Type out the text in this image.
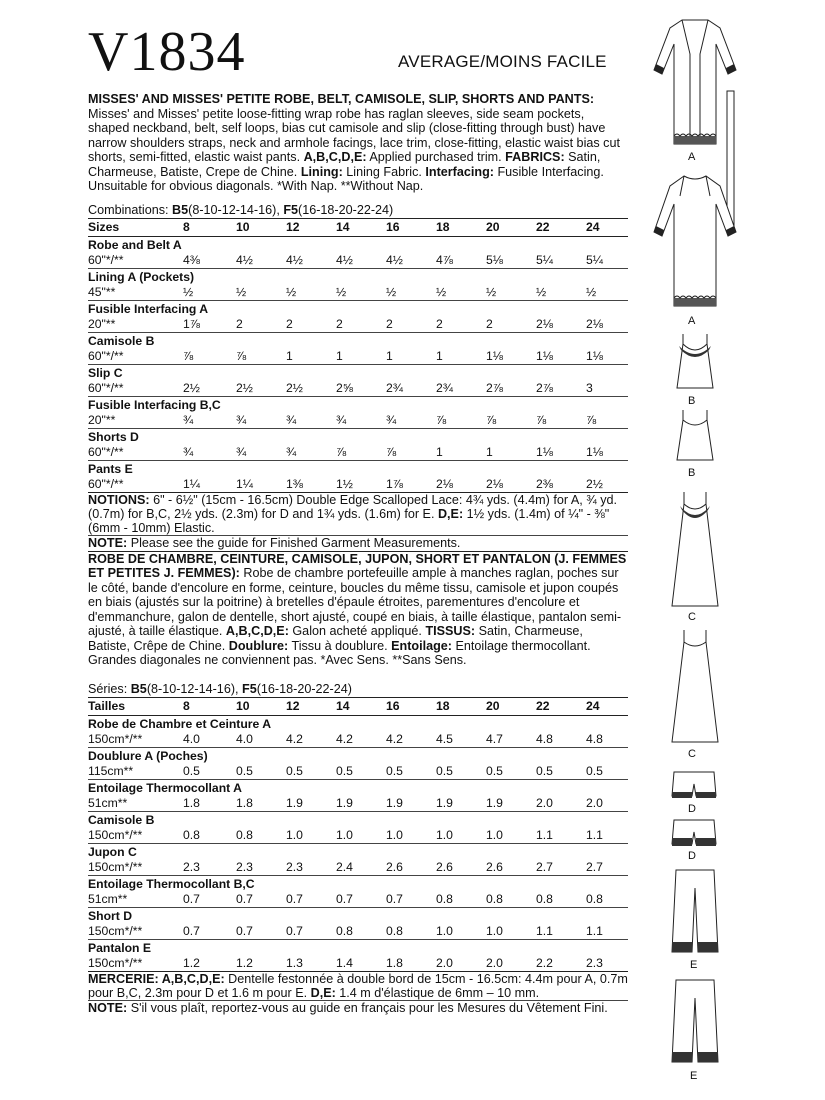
V1834	AVERAGE/MOINS FACILE

MISSES' AND MISSES' PETITE ROBE, BELT, CAMISOLE, SLIP, SHORTS AND PANTS: Misses' and Misses' petite loose-fitting wrap robe has raglan sleeves, side seam pockets, shaped neckband, belt, self loops, bias cut camisole and slip (close-fitting through bust) have narrow shoulders straps, neck and armhole facings, lace trim, close-fitting, elastic waist bias cut shorts, semi-fitted, elastic waist pants. A,B,C,D,E: Applied purchased trim. FABRICS: Satin, Charmeuse, Batiste, Crepe de Chine. Lining: Lining Fabric. Interfacing: Fusible Interfacing. Unsuitable for obvious diagonals. *With Nap. **Without Nap.

Combinations: B5(8-10-12-14-16), F5(16-18-20-22-24)
Sizes	8	10	12	14	16	18	20	22	24
Robe and Belt A									
60"*/**	4⅜	4½	4½	4½	4½	4⅞	5⅛	5¼	5¼
Lining A (Pockets)									
45"**	½	½	½	½	½	½	½	½	½
Fusible Interfacing A									
20"**	1⅞	2	2	2	2	2	2	2⅛	2⅛
Camisole B									
60"*/**	⅞	⅞	1	1	1	1	1⅛	1⅛	1⅛
Slip C									
60"*/**	2½	2½	2½	2⅝	2¾	2¾	2⅞	2⅞	3
Fusible Interfacing B,C									
20"**	¾	¾	¾	¾	¾	⅞	⅞	⅞	⅞
Shorts D									
60"*/**	¾	¾	¾	⅞	⅞	1	1	1⅛	1⅛
Pants E									
60"*/**	1¼	1¼	1⅜	1½	1⅞	2⅛	2⅛	2⅜	2½
NOTIONS: 6" - 6½" (15cm - 16.5cm) Double Edge Scalloped Lace: 4¾ yds. (4.4m) for A, ¾ yd. (0.7m) for B,C, 2½ yds. (2.3m) for D and 1¾ yds. (1.6m) for E. D,E: 1½ yds. (1.4m) of ¼" - ⅜" (6mm - 10mm) Elastic.
NOTE: Please see the guide for Finished Garment Measurements.

ROBE DE CHAMBRE, CEINTURE, CAMISOLE, JUPON, SHORT ET PANTALON (J. FEMMES ET PETITES J. FEMMES): Robe de chambre portefeuille ample à manches raglan, poches sur le côté, bande d'encolure en forme, ceinture, boucles du même tissu, camisole et jupon coupés en biais (ajustés sur la poitrine) à bretelles d'épaule étroites, parementures d'encolure et d'emmanchure, galon de dentelle, short ajusté, coupé en biais, à taille élastique, pantalon semi-ajusté, à taille élastique. A,B,C,D,E: Galon acheté appliqué. TISSUS: Satin, Charmeuse, Batiste, Crêpe de Chine. Doublure: Tissu à doublure. Entoilage: Entoilage thermocollant. Grandes diagonales ne conviennent pas. *Avec Sens. **Sans Sens.

Séries: B5(8-10-12-14-16), F5(16-18-20-22-24)
Tailles	8	10	12	14	16	18	20	22	24
Robe de Chambre et Ceinture A									
150cm*/**	4.0	4.0	4.2	4.2	4.2	4.5	4.7	4.8	4.8
Doublure A (Poches)									
115cm**	0.5	0.5	0.5	0.5	0.5	0.5	0.5	0.5	0.5
Entoilage Thermocollant A									
51cm**	1.8	1.8	1.9	1.9	1.9	1.9	1.9	2.0	2.0
Camisole B									
150cm*/**	0.8	0.8	1.0	1.0	1.0	1.0	1.0	1.1	1.1
Jupon C									
150cm*/**	2.3	2.3	2.3	2.4	2.6	2.6	2.6	2.7	2.7
Entoilage Thermocollant B,C									
51cm**	0.7	0.7	0.7	0.7	0.7	0.8	0.8	0.8	0.8
Short D									
150cm*/**	0.7	0.7	0.7	0.8	0.8	1.0	1.0	1.1	1.1
Pantalon E									
150cm*/**	1.2	1.2	1.3	1.4	1.8	2.0	2.0	2.2	2.3
MERCERIE: A,B,C,D,E: Dentelle festonnée à double bord de 15cm - 16.5cm: 4.4m pour A, 0.7m pour B,C, 2.3m pour D et 1.6 m pour E. D,E: 1.4 m d'élastique de 6mm – 10 mm.
NOTE: S'il vous plaît, reportez-vous au guide en français pour les Mesures du Vêtement Fini.
A
A
B
B
C
C
D
D
E
E
